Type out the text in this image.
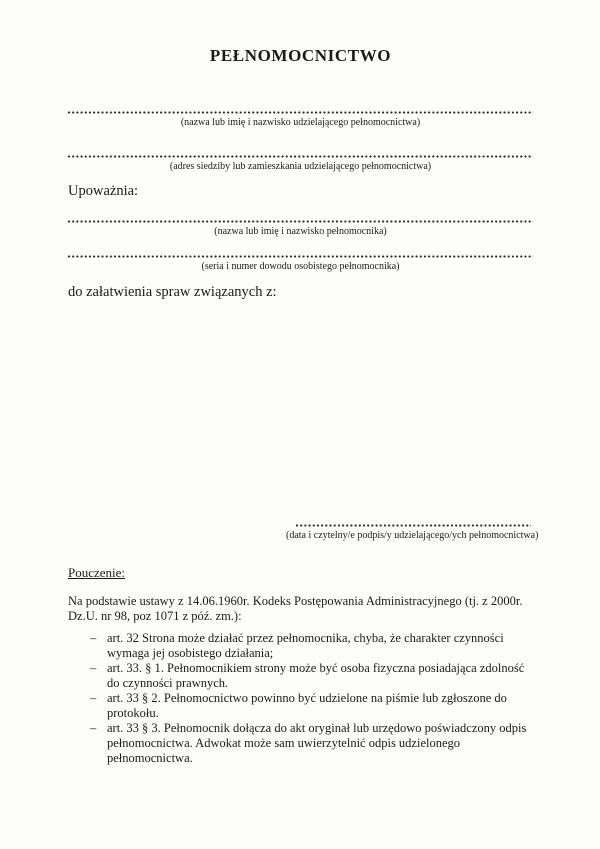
PEŁNOMOCNICTWO
(nazwa lub imię i nazwisko udzielającego pełnomocnictwa)
(adres siedziby lub zamieszkania udzielającego pełnomocnictwa)

Upoważnia:

(nazwa lub imię i nazwisko pełnomocnika)
(seria i numer dowodu osobistego pełnomocnika)

do załatwienia spraw związanych z:

(data i czytelny/e podpis/y udzielającego/ych pełnomocnictwa)

Pouczenie:

Na podstawie ustawy z 14.06.1960r. Kodeks Postępowania Administracyjnego (tj. z 2000r. Dz.U. nr 98, poz 1071 z póź. zm.):

– art. 32 Strona może działać przez pełnomocnika, chyba, że charakter czynności wymaga jej osobistego działania;
– art. 33. § 1. Pełnomocnikiem strony może być osoba fizyczna posiadająca zdolność do czynności prawnych.
– art. 33 § 2. Pełnomocnictwo powinno być udzielone na piśmie lub zgłoszone do protokołu.
– art. 33 § 3. Pełnomocnik dołącza do akt oryginał lub urzędowo poświadczony odpis pełnomocnictwa. Adwokat może sam uwierzytelnić odpis udzielonego pełnomocnictwa.
